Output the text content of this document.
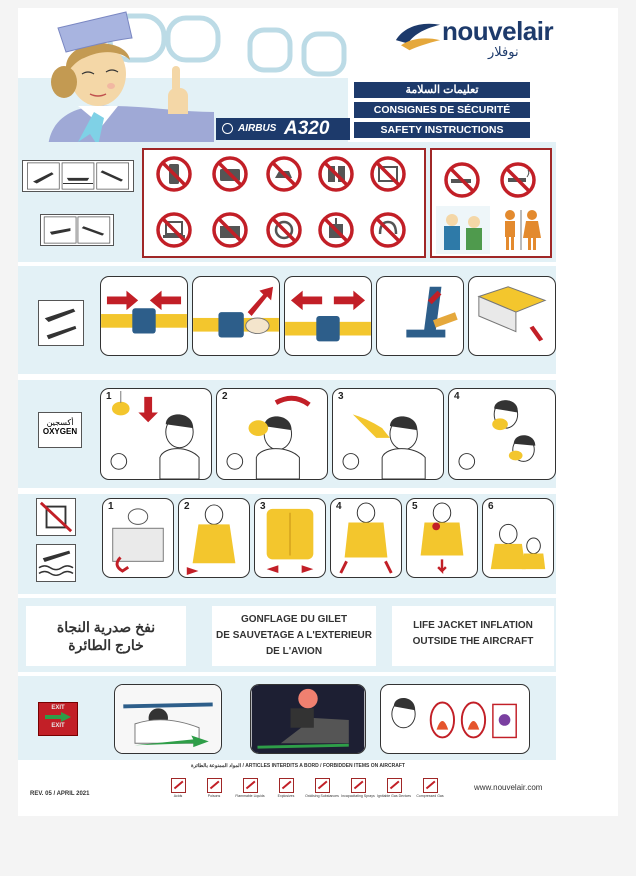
nouvelair
نوفلار
تعليمات السلامة
CONSIGNES DE SÉCURITÉ
SAFETY INSTRUCTIONS
AIRBUS A320
أكسجين
OXYGEN
1	2	3	4
1	2	3	4	5	6
نفخ صدرية النجاة
خارج الطائرة
GONFLAGE DU GILET
DE SAUVETAGE A L'EXTERIEUR
DE L'AVION
LIFE JACKET INFLATION
OUTSIDE THE AIRCRAFT
EXIT
EXIT
المواد الممنوعة بالطائرة / ARTICLES INTERDITS A BORD / FORBIDDEN ITEMS ON AIRCRAFT
Acids	Poisons	Flammable Liquids	Explosives	Oxidising Substances Incapacitating Sprays Ignitable Gas Devices	Compressed Gas
REV. 05 / APRIL 2021
www.nouvelair.com
